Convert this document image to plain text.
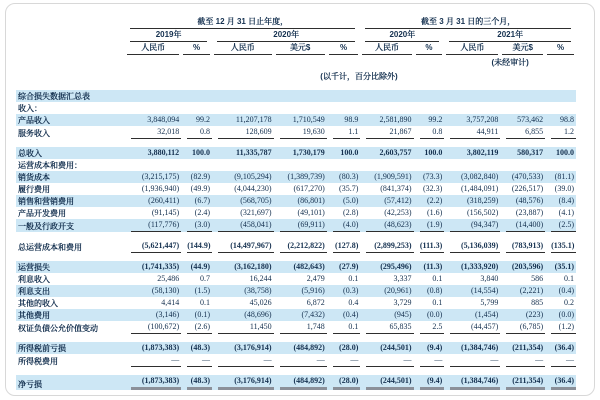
	截至 12 月 31 日止年度，					截至 3 月 31 日的三个月，				

	2019年		2020年			2020年		2021年		

	人民币	%	人民币	美元$	%	人民币	%	人民币	美元$	%

								(未经审计)		

				(以千计，百分比除外)						

综合损失数据汇总表										
收入：										
产品收入	3,848,094	99.2	11,207,178	1,710,549	98.9	2,581,890	99.2	3,757,208	573,462	98.8

服务收入	32,018	0.8	128,609	19,630	1.1	21,867	0.8	44,911	6,855	1.2

总收入	3,880,112	100.0	11,335,787	1,730,179	100.0	2,603,757	100.0	3,802,119	580,317	100.0

运营成本和费用：										
销货成本	(3,215,175)	(82.9)	(9,105,294)	(1,389,739)	(80.3)	(1,909,591)	(73.3)	(3,082,840)	(470,533)	(81.1)

履行费用	(1,936,940)	(49.9)	(4,044,230)	(617,270)	(35.7)	(841,374)	(32.3)	(1,484,091)	(226,517)	(39.0)

销售和营销费用	(260,411)	(6.7)	(568,705)	(86,801)	(5.0)	(57,412)	(2.2)	(318,259)	(48,576)	(8.4)

产品开发费用	(91,145)	(2.4)	(321,697)	(49,101)	(2.8)	(42,253)	(1.6)	(156,502)	(23,887)	(4.1)

一般及行政开支	(117,776)	(3.0)	(458,041)	(69,911)	(4.0)	(48,623)	(1.9)	(94,347)	(14,400)	(2.5)

总运营成本和费用	(5,621,447)	(144.9)	(14,497,967)	(2,212,822)	(127.8)	(2,899,253)	(111.3)	(5,136,039)	(783,913)	(135.1)

运营损失	(1,741,335)	(44.9)	(3,162,180)	(482,643)	(27.9)	(295,496)	(11.3)	(1,333,920)	(203,596)	(35.1)

利息收入	25,486	0.7	16,244	2,479	0.1	3,337	0.1	3,840	586	0.1

利息支出	(58,130)	(1.5)	(38,758)	(5,916)	(0.3)	(20,961)	(0.8)	(14,554)	(2,221)	(0.4)

其他的收入	4,414	0.1	45,026	6,872	0.4	3,729	0.1	5,799	885	0.2

其他费用	(3,146)	(0.1)	(48,696)	(7,432)	(0.4)	(945)	(0.0)	(1,454)	(223)	(0.0)

权证负债公允价值变动	(100,672)	(2.6)	11,450	1,748	0.1	65,835	2.5	(44,457)	(6,785)	(1.2)

所得税前亏损	(1,873,383)	(48.3)	(3,176,914)	(484,892)	(28.0)	(244,501)	(9.4)	(1,384,746)	(211,354)	(36.4)

所得税费用	—	—	—	—	—	—	—	—	—	—

净亏损	(1,873,383)	(48.3)	(3,176,914)	(484,892)	(28.0)	(244,501)	(9.4)	(1,384,746)	(211,354)	(36.4)
